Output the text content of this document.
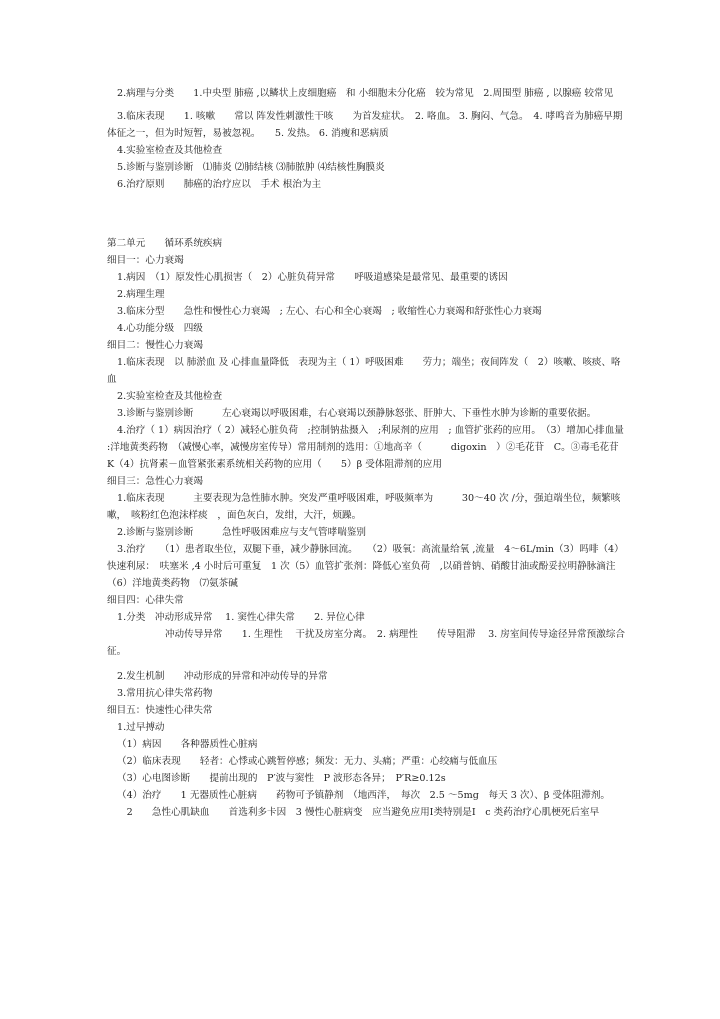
2.病理与分类　　1.中央型 肺癌 ,以鳞状上皮细胞癌　和 小细胞未分化癌　较为常见　2.周围型 肺癌 , 以腺癌 较常见

3.临床表现　　1. 咳嗽　　常以 阵发性刺激性干咳　　为首发症状。　2. 咯血。 3. 胸闷、气急。　4. 哮鸣音为肺癌早期体征之一，但为时短暂，易被忽视。　　5. 发热。 6. 消瘦和恶病质

4.实验室检查及其他检查

5.诊断与鉴别诊断　⑴肺炎 ⑵肺结核 ⑶肺脓肿 ⑷结核性胸膜炎

6.治疗原则　　肺癌的治疗应以　手术 根治为主

第二单元　　循环系统疾病

细目一：心力衰竭

1.病因　（1）原发性心肌损害（　2）心脏负荷异常　　呼吸道感染是最常见、最重要的诱因

2.病理生理

3.临床分型　　急性和慢性心力衰竭　; 左心、右心和全心衰竭　; 收缩性心力衰竭和舒张性心力衰竭

4.心功能分级　四级

细目二：慢性心力衰竭

1.临床表现　以 肺淤血 及 心排血量降低　表现为主（ 1）呼吸困难　　劳力；端坐；夜间阵发（　2）咳嗽、咳痰、咯血

2.实验室检查及其他检查

3.诊断与鉴别诊断　　　左心衰竭以呼吸困难，右心衰竭以颈静脉怒张、肝肿大、下垂性水肿为诊断的重要依据。

4.治疗（ 1）病因治疗（ 2）减轻心脏负荷　;控制钠盐摄入　;利尿剂的应用　; 血管扩张药的应用。　（3）增加心排血量 :洋地黄类药物　（减慢心率，减慢房室传导）常用制剂的选用：①地高辛（　　　digoxin　）②毛花苷　C。③毒毛花苷　K（4）抗肾素－血管紧张素系统相关药物的应用（　　5）β 受体阻滞剂的应用

细目三：急性心力衰竭

1.临床表现　　　主要表现为急性肺水肿。突发严重呼吸困难，呼吸频率为　　　30～40 次 /分，强迫端坐位，频繁咳嗽，　咳粉红色泡沫样痰　，面色灰白，发绀，大汗，烦躁。

2.诊断与鉴别诊断　　　急性呼吸困难应与支气管哮喘鉴别

3.治疗　　（1）患者取坐位，双腿下垂，减少静脉回流。　　（2）吸氧：高流量给氧 ,流量　4～6L/min（3）吗啡（4）快速利尿：　呋塞米 ,4 小时后可重复　1 次（5）血管扩张剂：降低心室负荷　,以硝普钠、硝酸甘油或酚妥拉明静脉滴注　（6）洋地黄类药物　⑺氨茶碱

细目四：心律失常

1.分类　冲动形成异常　 1. 窦性心律失常　　2. 异位心律

　　　　　冲动传导异常　　1. 生理性　 干扰及房室分离。　2. 病理性　　传导阻滞　 3. 房室间传导途径异常预激综合征。

2.发生机制　　冲动形成的异常和冲动传导的异常

3.常用抗心律失常药物

细目五：快速性心律失常

1.过早搏动

（1）病因　　各种器质性心脏病

（2）临床表现　　轻者：心悸或心跳暂停感；频发：无力、头痛；严重：心绞痛与低血压

（3）心电图诊断　　提前出现的　P′波与窦性　P 波形态各异；　P′R≥0.12s

（4）治疗　　1 无器质性心脏病　　药物可予镇静剂　（地西泮，　每次　2.5 ～5mg　每天 3 次）、β 受体阻滞剂。

　2　　急性心肌缺血　　首选利多卡因　3 慢性心脏病变　应当避免应用Ⅰ类特别是Ⅰ　c 类药治疗心肌梗死后室早
